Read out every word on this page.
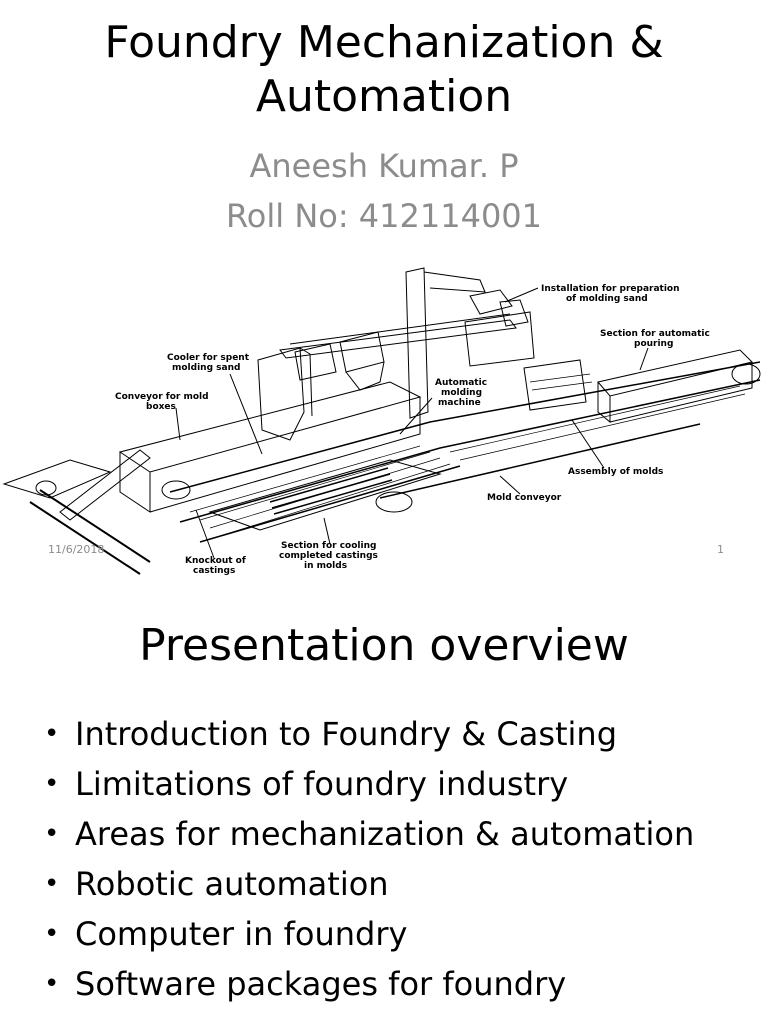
Foundry Mechanization &
Automation
Aneesh Kumar. P
Roll No: 412114001
Installation for preparation of molding sand
Section for automatic pouring
Cooler for spent molding sand
Conveyor for mold boxes
Automatic molding machine
Assembly of molds
Mold conveyor
Section for cooling completed castings in molds
Knockout of castings
11/6/2018	1
Presentation overview
• Introduction to Foundry & Casting
• Limitations of foundry industry
• Areas for mechanization & automation
• Robotic automation
• Computer in foundry
• Software packages for foundry
